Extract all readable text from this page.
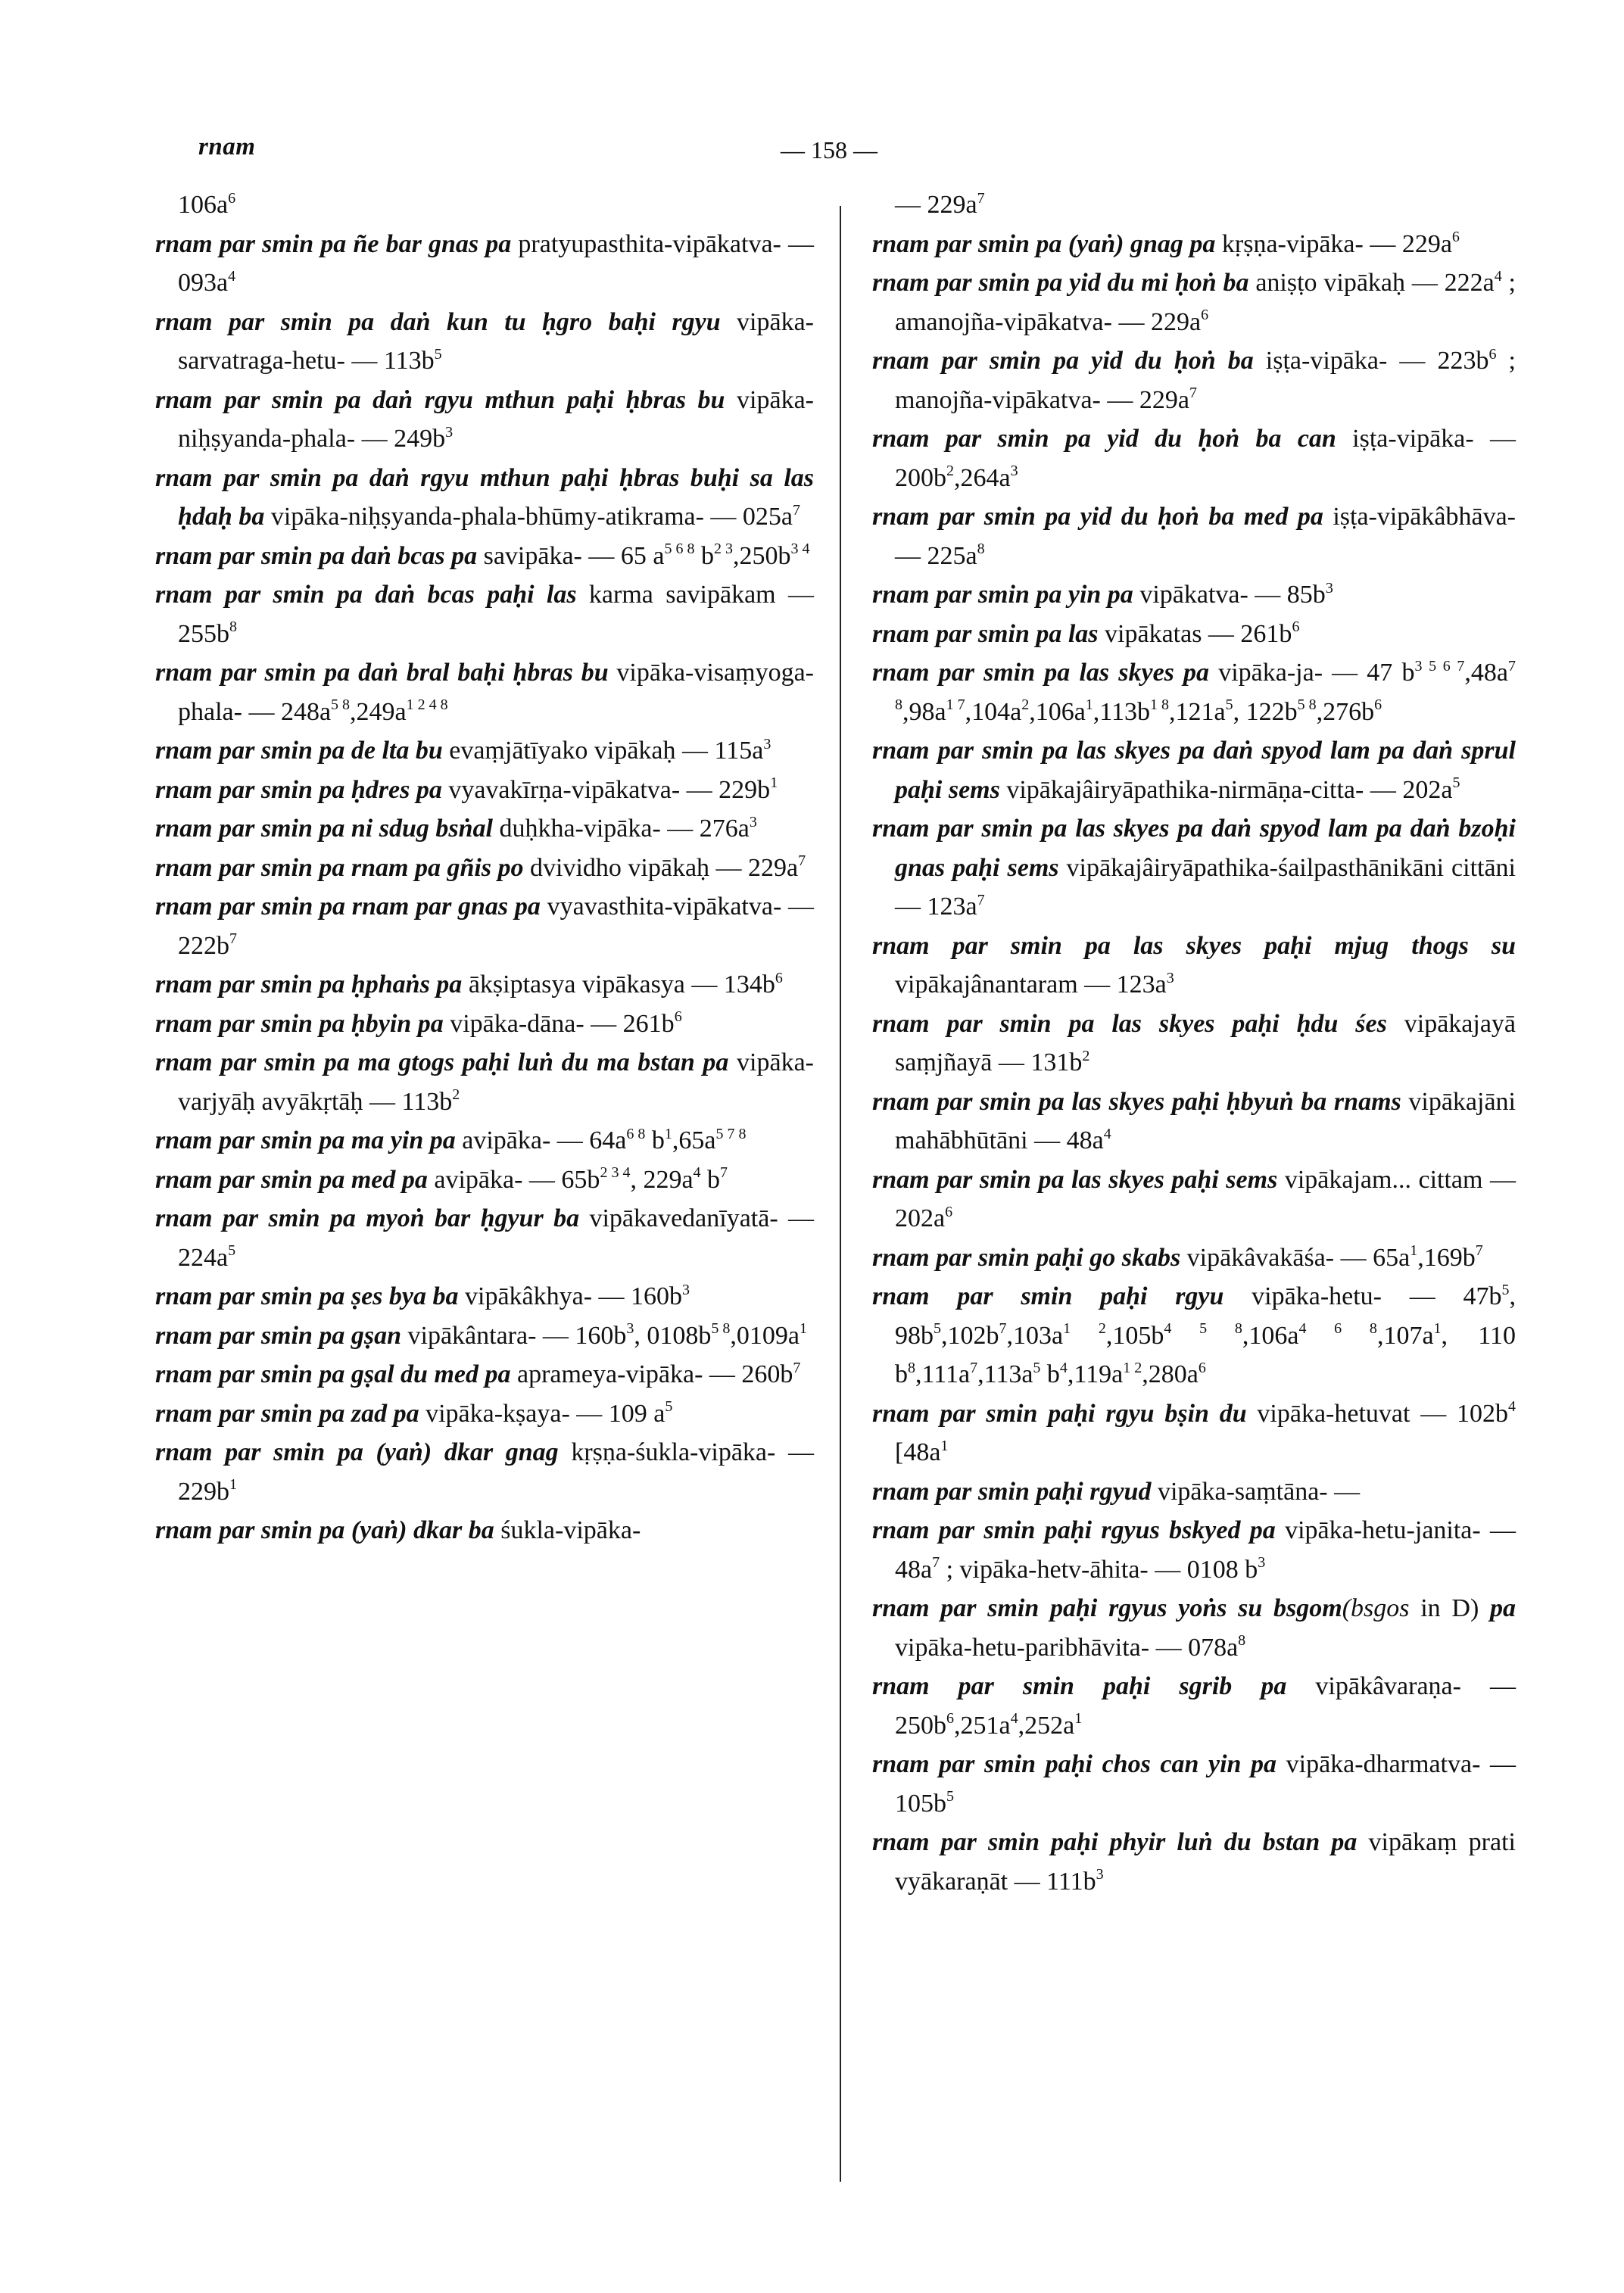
rnam	— 158 —
$106a^6$
rnam par smin pa ñe bar gnas pa pratyupasthita-vipākatva- — $093a^4$
rnam par smin pa daṅ kun tu ḥgro baḥi rgyu vipāka-sarvatraga-hetu- — $113b^5$
rnam par smin pa daṅ rgyu mthun paḥi ḥbras bu vipāka-niḥṣyanda-phala- — $249b^3$
rnam par smin pa daṅ rgyu mthun paḥi ḥbras buḥi sa las ḥdaḥ ba vipāka-niḥṣyanda-phala-bhūmy-atikrama- — $025a^7$
rnam par smin pa daṅ bcas pa savipāka- — 65 $a^{5 6 8}$ $b^{2 3},250b^{3 4}$
rnam par smin pa daṅ bcas paḥi las karma savipākam — $255b^8$
rnam par smin pa daṅ bral baḥi ḥbras bu vipāka-visaṃyoga-phala- — $248a^{5 8},249a^{1 2 4 8}$
rnam par smin pa de lta bu evaṃjātīyako vipākaḥ — $115a^3$
rnam par smin pa ḥdres pa vyavakīrṇa-vipākatva- — $229b^1$
rnam par smin pa ni sdug bsṅal duḥkha-vipāka- — $276a^3$
rnam par smin pa rnam pa gñis po dvividho vipākaḥ — $229a^7$
rnam par smin pa rnam par gnas pa vyavasthita-vipākatva- — $222b^7$
rnam par smin pa ḥphaṅs pa ākṣiptasya vipākasya — $134b^6$
rnam par smin pa ḥbyin pa vipāka-dāna- — $261b^6$
rnam par smin pa ma gtogs paḥi luṅ du ma bstan pa vipāka-varjyāḥ avyākṛtāḥ — $113b^2$
rnam par smin pa ma yin pa avipāka- — $64a^{6 8}$ $b^1,65a^{5 7 8}$
rnam par smin pa med pa avipāka- — $65b^{2 3 4}$, $229a^4$ $b^7$
rnam par smin pa myoṅ bar ḥgyur ba vipākavedanīyatā- — $224a^5$
rnam par smin pa ṣes bya ba vipākâkhya- — $160b^3$
rnam par smin pa gṣan vipākântara- — $160b^3$, $0108b^{5 8},0109a^1$
rnam par smin pa gṣal du med pa aprameya-vipāka- — $260b^7$
rnam par smin pa zad pa vipāka-kṣaya- — 109 $a^5$
rnam par smin pa (yaṅ) dkar gnag kṛṣṇa-śukla-vipāka- — $229b^1$
rnam par smin pa (yaṅ) dkar ba śukla-vipāka-
— $229a^7$
rnam par smin pa (yaṅ) gnag pa kṛṣṇa-vipāka- — $229a^6$
rnam par smin pa yid du mi ḥoṅ ba aniṣṭo vipākaḥ — $222a^4$ ; amanojña-vipākatva- — $229a^6$
rnam par smin pa yid du ḥoṅ ba iṣṭa-vipāka- — $223b^6$ ; manojña-vipākatva- — $229a^7$
rnam par smin pa yid du ḥoṅ ba can iṣṭa-vipāka- — $200b^2,264a^3$
rnam par smin pa yid du ḥoṅ ba med pa iṣṭa-vipākâbhāva- — $225a^8$
rnam par smin pa yin pa vipākatva- — $85b^3$
rnam par smin pa las vipākatas — $261b^6$
rnam par smin pa las skyes pa vipāka-ja- — 47 $b^{3 5 6 7},48a^{7 8},98a^{1 7},104a^2,106a^1,113b^{1 8},121a^5$, $122b^{5 8},276b^6$
rnam par smin pa las skyes pa daṅ spyod lam pa daṅ sprul paḥi sems vipākajâiryāpathika-nirmāṇa-citta- — $202a^5$
rnam par smin pa las skyes pa daṅ spyod lam pa daṅ bzoḥi gnas paḥi sems vipākajâiryāpathika-śailpasthānikāni cittāni — $123a^7$
rnam par smin pa las skyes paḥi mjug thogs su vipākajânantaram — $123a^3$
rnam par smin pa las skyes paḥi ḥdu śes vipākajayā saṃjñayā — $131b^2$
rnam par smin pa las skyes paḥi ḥbyuṅ ba rnams vipākajāni mahābhūtāni — $48a^4$
rnam par smin pa las skyes paḥi sems vipākajam... cittam — $202a^6$
rnam par smin paḥi go skabs vipākâvakāśa- — $65a^1,169b^7$
rnam par smin paḥi rgyu vipāka-hetu- — $47b^5$, $98b^5,102b^7,103a^{1 2},105b^{4 5 8},106a^{4 6 8},107a^1$, 110 $b^8,111a^7,113a^5$ $b^4,119a^{1 2},280a^6$
rnam par smin paḥi rgyu bṣin du vipāka-hetuvat — $102b^4$ [$48a^1$
rnam par smin paḥi rgyud vipāka-saṃtāna- —
rnam par smin paḥi rgyus bskyed pa vipāka-hetu-janita- — $48a^7$ ; vipāka-hetv-āhita- — 0108 $b^3$
rnam par smin paḥi rgyus yoṅs su bsgom(bsgos in D) pa vipāka-hetu-paribhāvita- — $078a^8$
rnam par smin paḥi sgrib pa vipākâvaraṇa- — $250b^6,251a^4,252a^1$
rnam par smin paḥi chos can yin pa vipāka-dharmatva- — $105b^5$
rnam par smin paḥi phyir luṅ du bstan pa vipākaṃ prati vyākaraṇāt — $111b^3$
